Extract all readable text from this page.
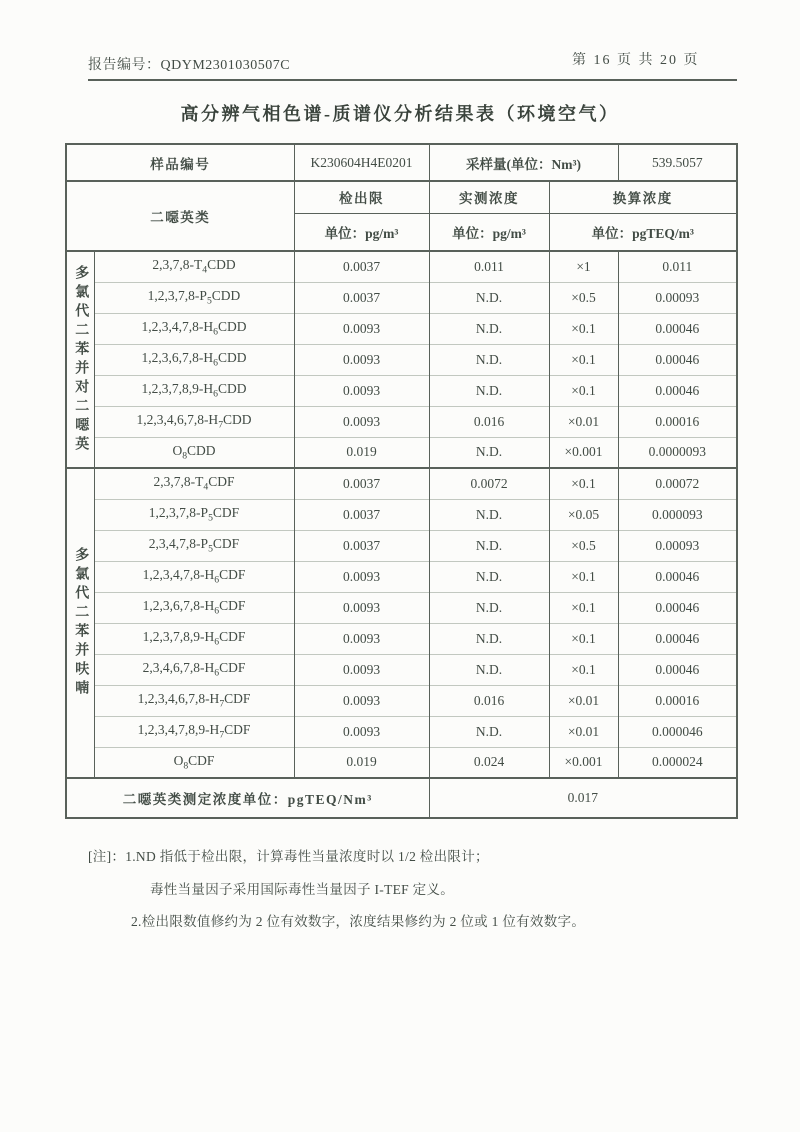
报告编号：QDYM2301030507C	第 16 页 共 20 页
高分辨气相色谱-质谱仪分析结果表（环境空气）
样品编号		K230604H4E0201	采样量(单位：Nm³)		539.5057
二噁英类		检出限	实测浓度	换算浓度	
		单位：pg/m³	单位：pg/m³	单位：pgTEQ/m³	
多氯代二苯并对二噁英	$2,3,7,8-T_4CDD$	0.0037	0.011	×1	0.011
	$1,2,3,7,8-P_5CDD$	0.0037	N.D.	×0.5	0.00093
	$1,2,3,4,7,8-H_6CDD$	0.0093	N.D.	×0.1	0.00046
	$1,2,3,6,7,8-H_6CDD$	0.0093	N.D.	×0.1	0.00046
	$1,2,3,7,8,9-H_6CDD$	0.0093	N.D.	×0.1	0.00046
	$1,2,3,4,6,7,8-H_7CDD$	0.0093	0.016	×0.01	0.00016
	$O_8CDD$	0.019	N.D.	×0.001	0.0000093
多氯代二苯并呋喃	$2,3,7,8-T_4CDF$	0.0037	0.0072	×0.1	0.00072
	$1,2,3,7,8-P_5CDF$	0.0037	N.D.	×0.05	0.000093
	$2,3,4,7,8-P_5CDF$	0.0037	N.D.	×0.5	0.00093
	$1,2,3,4,7,8-H_6CDF$	0.0093	N.D.	×0.1	0.00046
	$1,2,3,6,7,8-H_6CDF$	0.0093	N.D.	×0.1	0.00046
	$1,2,3,7,8,9-H_6CDF$	0.0093	N.D.	×0.1	0.00046
	$2,3,4,6,7,8-H_6CDF$	0.0093	N.D.	×0.1	0.00046
	$1,2,3,4,6,7,8-H_7CDF$	0.0093	0.016	×0.01	0.00016
	$1,2,3,4,7,8,9-H_7CDF$	0.0093	N.D.	×0.01	0.000046
	$O_8CDF$	0.019	0.024	×0.001	0.000024
二噁英类测定浓度单位：pgTEQ/Nm³			0.017		
[注]：1.ND 指低于检出限，计算毒性当量浓度时以 1/2 检出限计；
毒性当量因子采用国际毒性当量因子 I-TEF 定义。
2.检出限数值修约为 2 位有效数字，浓度结果修约为 2 位或 1 位有效数字。
